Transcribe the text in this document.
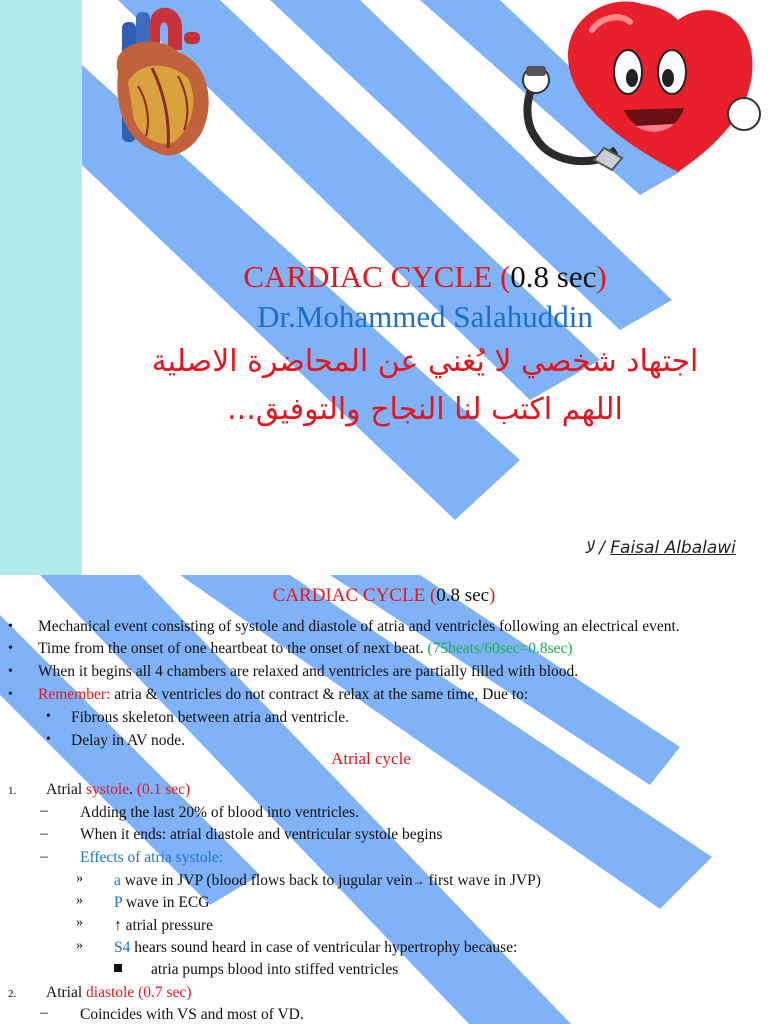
CARDIAC CYCLE (0.8 sec)
Dr.Mohammed Salahuddin
اجتهاد شخصي لا يُغني عن المحاضرة الاصلية
اللهم اكتب لنا النجاح والتوفيق...
ﻻ / Faisal Albalawi
CARDIAC CYCLE (0.8 sec)
• Mechanical event consisting of systole and diastole of atria and ventricles following an electrical event.
• Time from the onset of one heartbeat to the onset of next beat. (75beats/60sec=0.8sec)
• When it begins all 4 chambers are relaxed and ventricles are partially filled with blood.
• Remember: atria & ventricles do not contract & relax at the same time, Due to:
• Fibrous skeleton between atria and ventricle.
• Delay in AV node.
Atrial cycle
1. Atrial systole. (0.1 sec)
– Adding the last 20% of blood into ventricles.
– When it ends: atrial diastole and ventricular systole begins
– Effects of atria systole:
» a wave in JVP (blood flows back to jugular vein→ first wave in JVP)
» P wave in ECG
» ↑ atrial pressure
» S4 hears sound heard in case of ventricular hypertrophy because:
atria pumps blood into stiffed ventricles
2. Atrial diastole (0.7 sec)
– Coincides with VS and most of VD.
